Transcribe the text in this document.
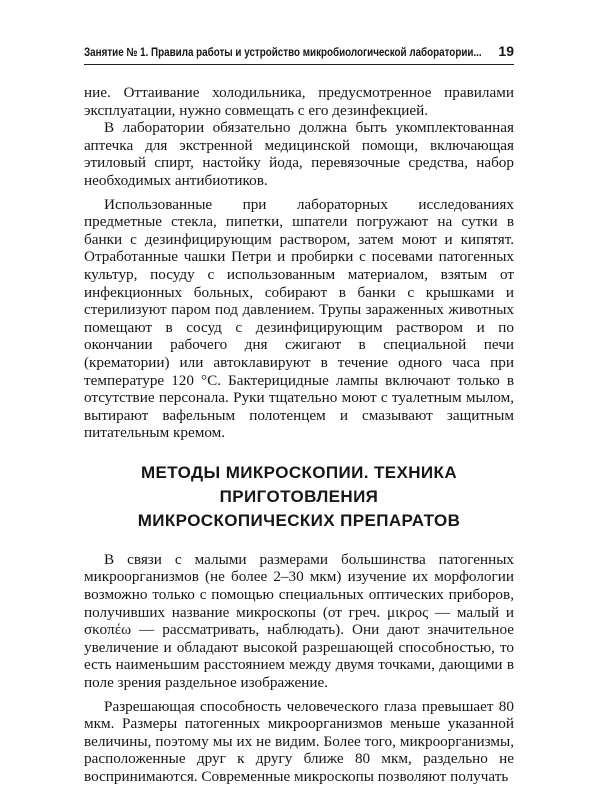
Занятие № 1. Правила работы и устройство микробиологической лаборатории... 19

ние. Оттаивание холодильника, предусмотренное правилами эксплуатации, нужно совмещать с его дезинфекцией.

В лаборатории обязательно должна быть укомплектованная аптечка для экстренной медицинской помощи, включающая этиловый спирт, настойку йода, перевязочные средства, набор необходимых антибиотиков.

Использованные при лабораторных исследованиях предметные стекла, пипетки, шпатели погружают на сутки в банки с дезинфицирующим раствором, затем моют и кипятят. Отработанные чашки Петри и пробирки с посевами патогенных культур, посуду с использованным материалом, взятым от инфекционных больных, собирают в банки с крышками и стерилизуют паром под давлением. Трупы зараженных животных помещают в сосуд с дезинфицирующим раствором и по окончании рабочего дня сжигают в специальной печи (крематории) или автоклавируют в течение одного часа при температуре 120 °C. Бактерицидные лампы включают только в отсутствие персонала. Руки тщательно моют с туалетным мылом, вытирают вафельным полотенцем и смазывают защитным питательным кремом.

МЕТОДЫ МИКРОСКОПИИ. ТЕХНИКА ПРИГОТОВЛЕНИЯ
МИКРОСКОПИЧЕСКИХ ПРЕПАРАТОВ

В связи с малыми размерами большинства патогенных микроорганизмов (не более 2–30 мкм) изучение их морфологии возможно только с помощью специальных оптических приборов, получивших название микроскопы (от греч. μικρος — малый и σκοπέω — рассматривать, наблюдать). Они дают значительное увеличение и обладают высокой разрешающей способностью, то есть наименьшим расстоянием между двумя точками, дающими в поле зрения раздельное изображение.

Разрешающая способность человеческого глаза превышает 80 мкм. Размеры патогенных микроорганизмов меньше указанной величины, поэтому мы их не видим. Более того, микроорганизмы, расположенные друг к другу ближе 80 мкм, раздельно не воспринимаются. Современные микроскопы позволяют получать
